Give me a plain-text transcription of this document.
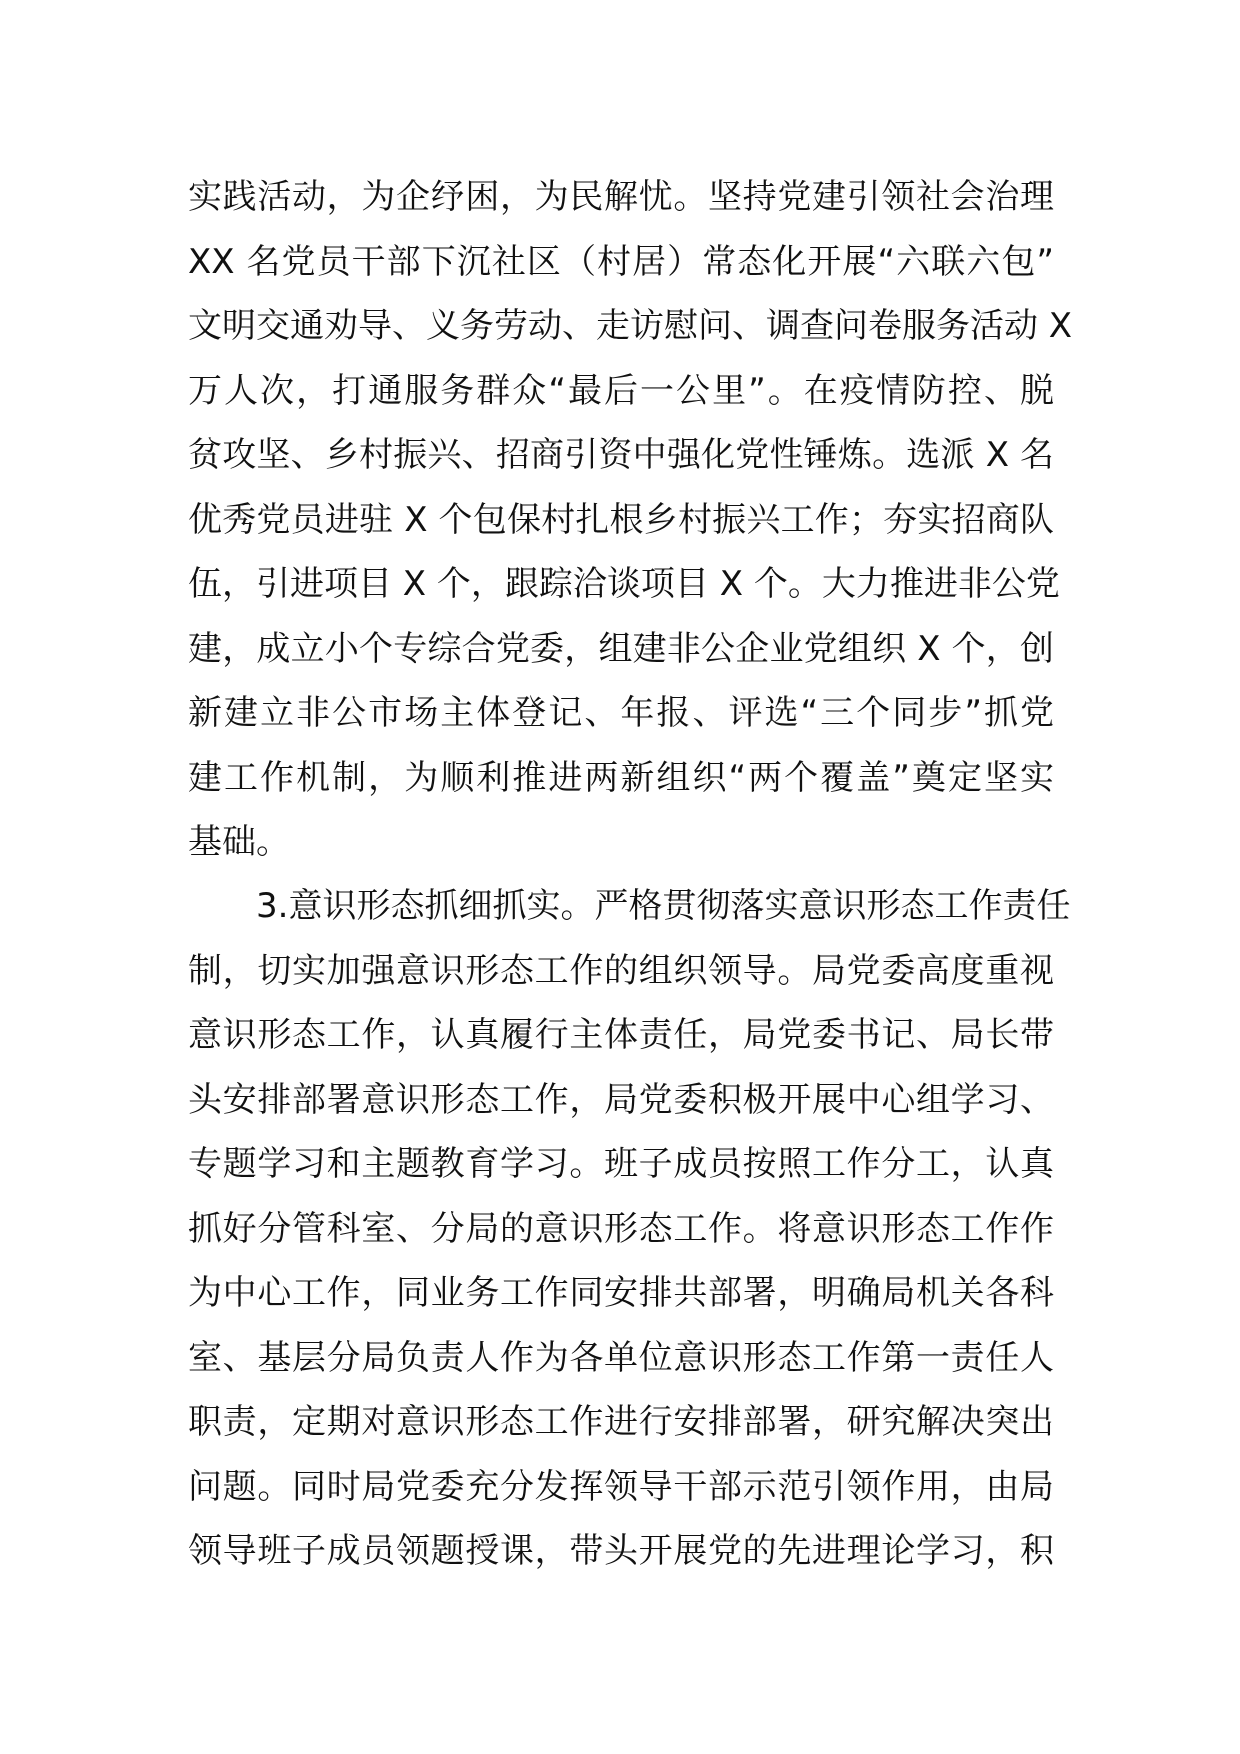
实践活动，为企纾困，为民解忧。坚持党建引领社会治理
XX 名党员干部下沉社区（村居）常态化开展“六联六包”
文明交通劝导、义务劳动、走访慰问、调查问卷服务活动 X
万人次，打通服务群众“最后一公里”。在疫情防控、脱
贫攻坚、乡村振兴、招商引资中强化党性锤炼。选派 X 名
优秀党员进驻 X 个包保村扎根乡村振兴工作；夯实招商队
伍，引进项目 X 个，跟踪洽谈项目 X 个。大力推进非公党
建，成立小个专综合党委，组建非公企业党组织 X 个，创
新建立非公市场主体登记、年报、评选“三个同步”抓党
建工作机制，为顺利推进两新组织“两个覆盖”奠定坚实
基础。
3.意识形态抓细抓实。严格贯彻落实意识形态工作责任
制，切实加强意识形态工作的组织领导。局党委高度重视
意识形态工作，认真履行主体责任，局党委书记、局长带
头安排部署意识形态工作，局党委积极开展中心组学习、
专题学习和主题教育学习。班子成员按照工作分工，认真
抓好分管科室、分局的意识形态工作。将意识形态工作作
为中心工作，同业务工作同安排共部署，明确局机关各科
室、基层分局负责人作为各单位意识形态工作第一责任人
职责，定期对意识形态工作进行安排部署，研究解决突出
问题。同时局党委充分发挥领导干部示范引领作用，由局
领导班子成员领题授课，带头开展党的先进理论学习，积
